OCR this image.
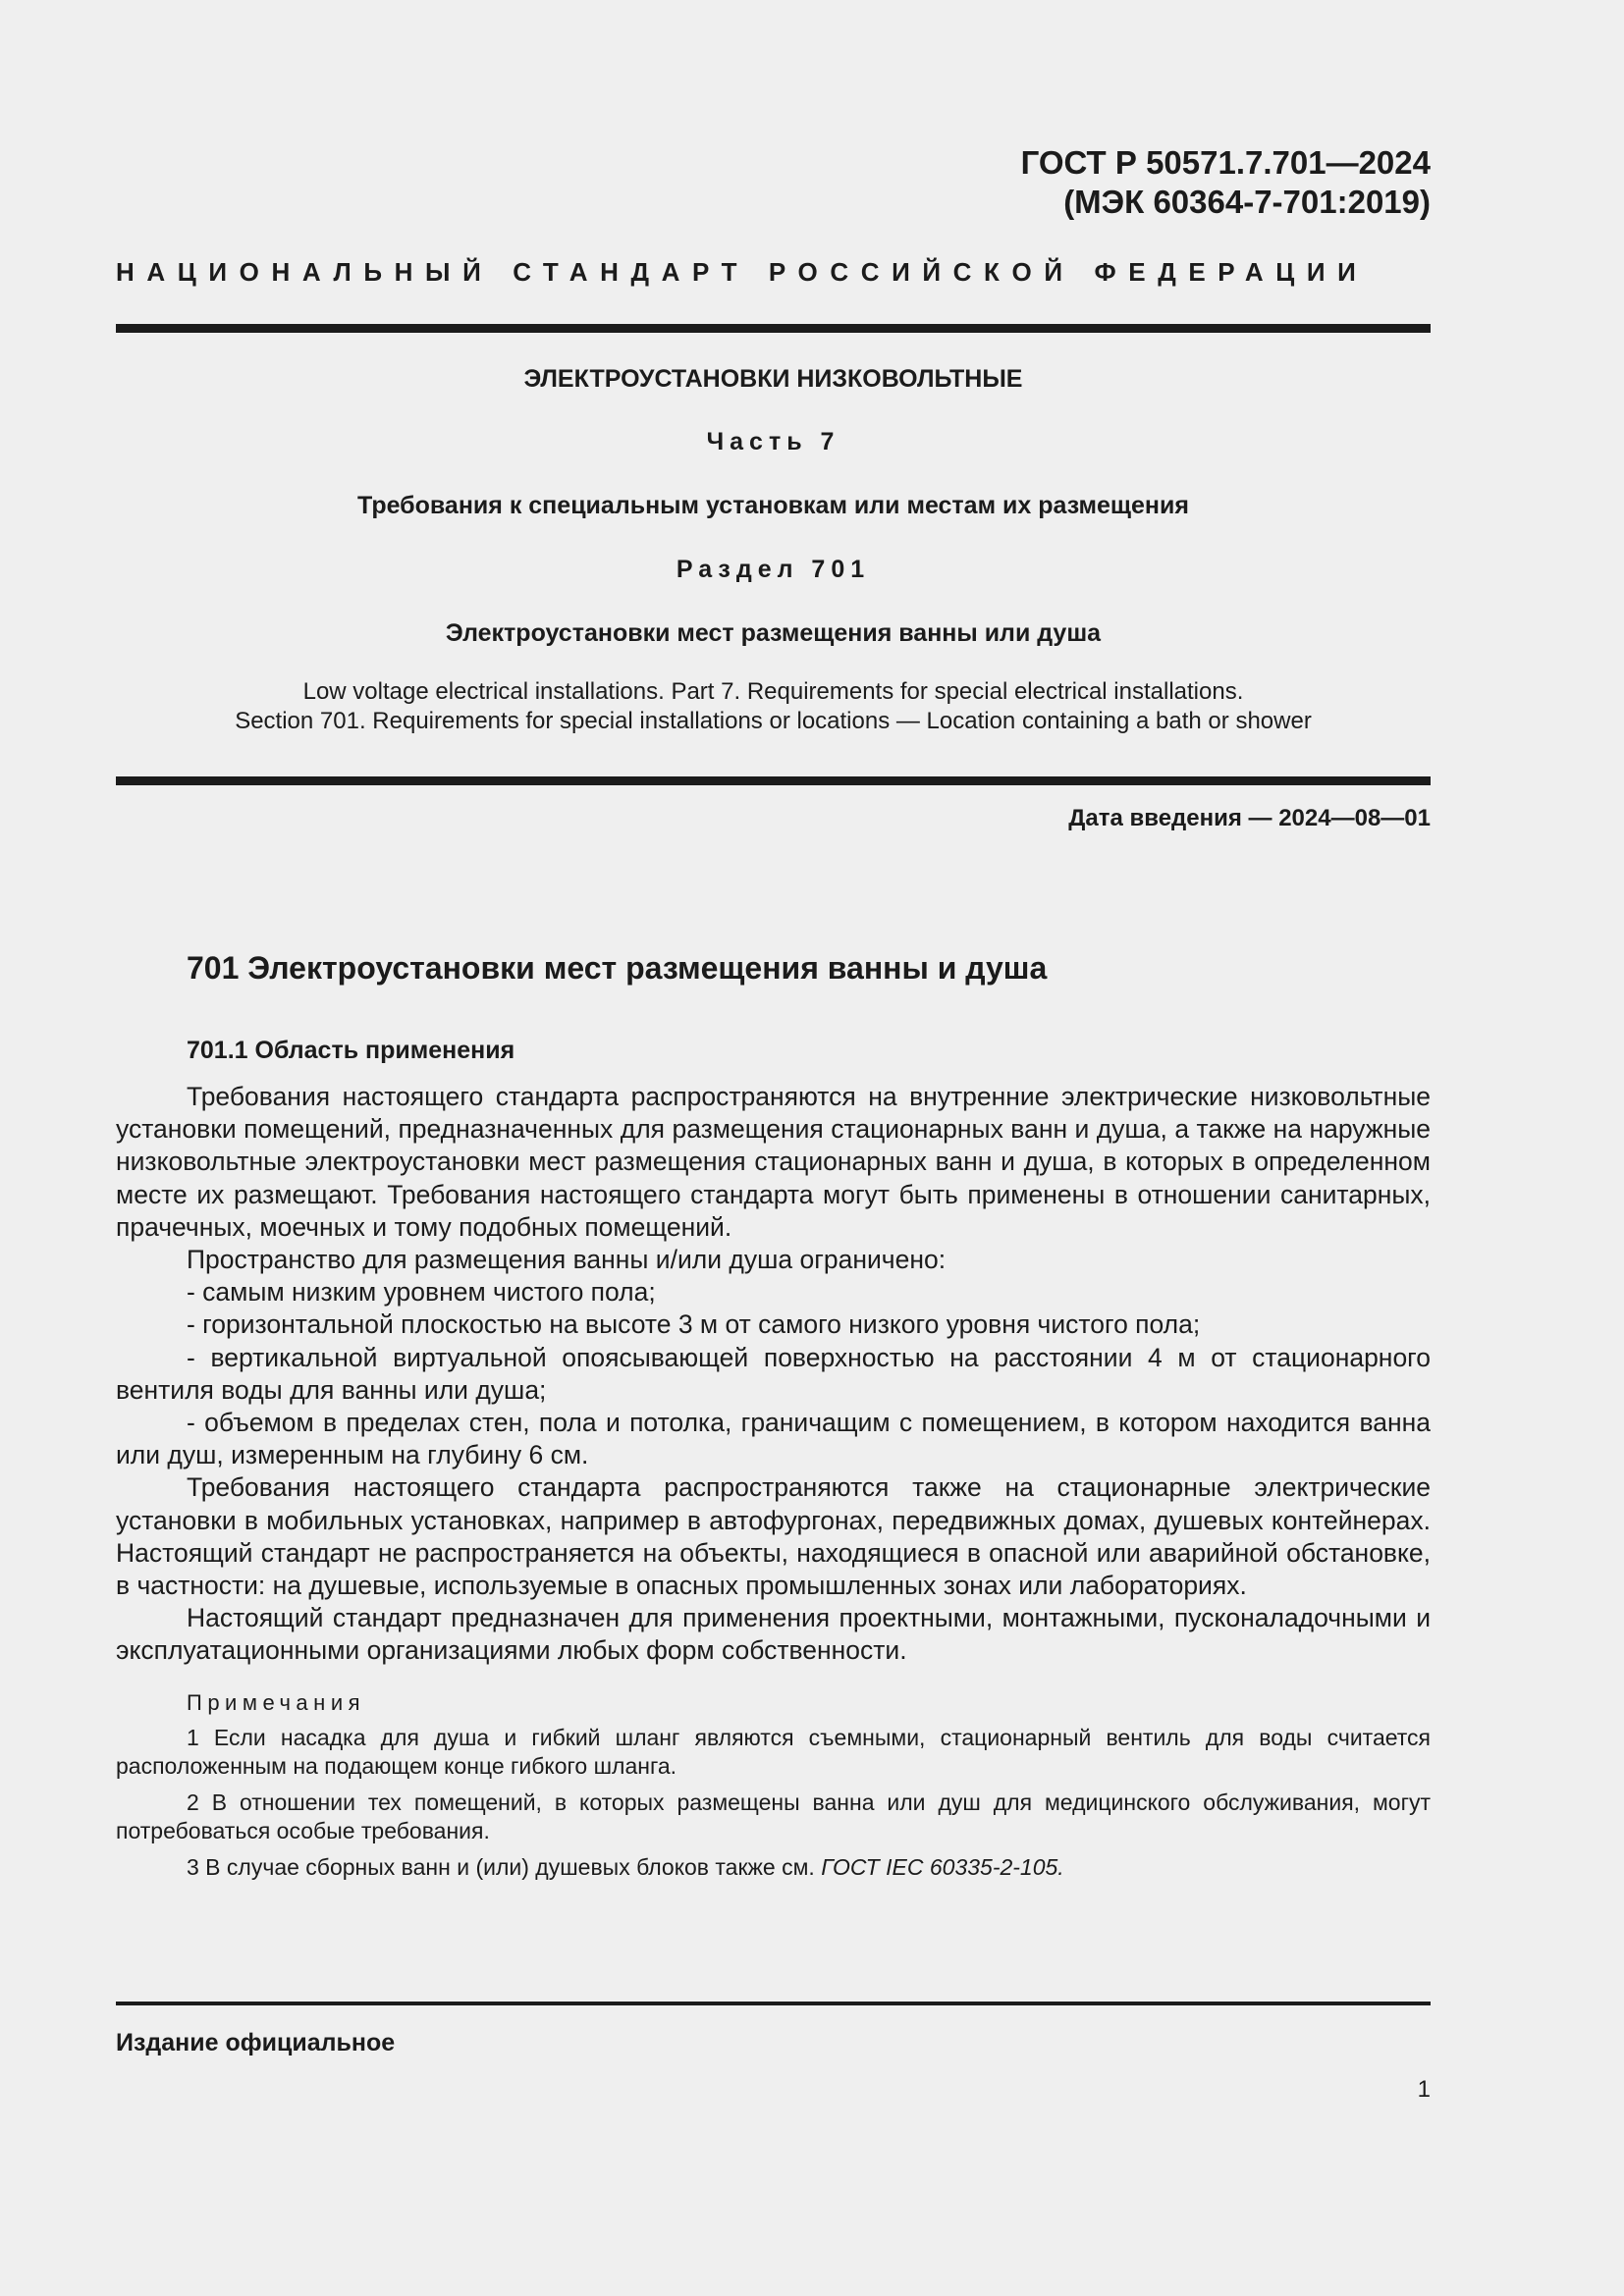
ГОСТ Р 50571.7.701—2024
(МЭК 60364-7-701:2019)
НАЦИОНАЛЬНЫЙ СТАНДАРТ РОССИЙСКОЙ ФЕДЕРАЦИИ
ЭЛЕКТРОУСТАНОВКИ НИЗКОВОЛЬТНЫЕ
Часть 7
Требования к специальным установкам или местам их размещения
Раздел 701
Электроустановки мест размещения ванны или душа
Low voltage electrical installations. Part 7. Requirements for special electrical installations.
Section 701. Requirements for special installations or locations — Location containing a bath or shower
Дата введения — 2024—08—01
701 Электроустановки мест размещения ванны и душа
701.1 Область применения

Требования настоящего стандарта распространяются на внутренние электрические низковольтные установки помещений, предназначенных для размещения стационарных ванн и душа, а также на наружные низковольтные электроустановки мест размещения стационарных ванн и душа, в которых в определенном месте их размещают. Требования настоящего стандарта могут быть применены в отношении санитарных, прачечных, моечных и тому подобных помещений.

Пространство для размещения ванны и/или душа ограничено:

- самым низким уровнем чистого пола;

- горизонтальной плоскостью на высоте 3 м от самого низкого уровня чистого пола;

- вертикальной виртуальной опоясывающей поверхностью на расстоянии 4 м от стационарного вентиля воды для ванны или душа;

- объемом в пределах стен, пола и потолка, граничащим с помещением, в котором находится ванна или душ, измеренным на глубину 6 см.

Требования настоящего стандарта распространяются также на стационарные электрические установки в мобильных установках, например в автофургонах, передвижных домах, душевых контейнерах. Настоящий стандарт не распространяется на объекты, находящиеся в опасной или аварийной обстановке, в частности: на душевые, используемые в опасных промышленных зонах или лабораториях.

Настоящий стандарт предназначен для применения проектными, монтажными, пусконаладочными и эксплуатационными организациями любых форм собственности.

Примечания

1 Если насадка для душа и гибкий шланг являются съемными, стационарный вентиль для воды считается расположенным на подающем конце гибкого шланга.

2 В отношении тех помещений, в которых размещены ванна или душ для медицинского обслуживания, могут потребоваться особые требования.

3 В случае сборных ванн и (или) душевых блоков также см. ГОСТ IEC 60335-2-105.

Издание официальное
1
